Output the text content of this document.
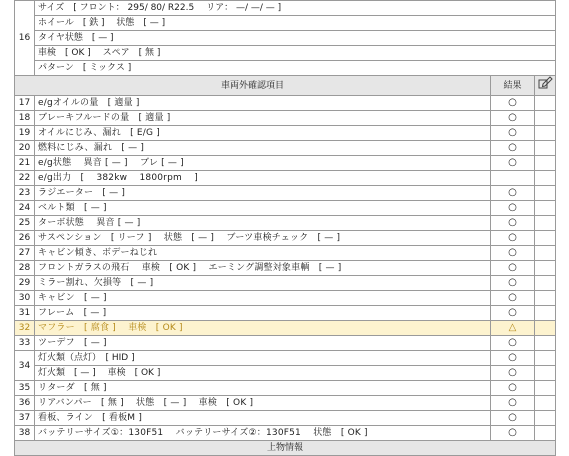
16	サイズ　[ フロント： 295/ 80/ R22.5　 リア： —/ —/ — ]		
	ホイール　[ 鉄 ]　 状態　[ — ]		
	タイヤ状態　[ — ]		
	車検　[ OK ]　 スペア　[ 無 ]		
	パターン　[ ミックス ]		
車両外確認項目		結果	
17	e/gオイルの量　[ 適量 ]	○	
18	ブレーキフルードの量　[ 適量 ]	○	
19	オイルにじみ、漏れ　[ E/G ]	○	
20	燃料にじみ、漏れ　[ — ]	○	
21	e/g状態　 異音 [ — ]　 ブレ [ — ]	○	
22	e/g出力　[　 382kw　 1800rpm　 ]		
23	ラジエーター　[ — ]	○	
24	ベルト類　[ — ]	○	
25	ターボ状態　 異音 [ — ]	○	
26	サスペンション　[ リーフ ]　 状態　[ — ]　 ブーツ車検チェック　[ — ]	○	
27	キャビン傾き、ボデーねじれ	○	
28	フロントガラスの飛石　 車検　[ OK ]　 エーミング調整対象車輌　[ — ]	○	
29	ミラー割れ、欠損等　[ — ]	○	
30	キャビン　[ — ]	○	
31	フレーム　[ — ]	○	
32	マフラー　[ 腐食 ]　 車検　[ OK ]	△	
33	ツーデフ　[ — ]	○	
34	灯火類（点灯）　[ HID ]	○	
	灯火類　[ — ]　 車検　[ OK ]	○	
35	リターダ　[ 無 ]	○	
36	リアバンパー　[ 無 ]　 状態　[ — ]　 車検　[ OK ]	○	
37	看板、ライン　[ 看板M ]	○	
38	バッテリーサイズ①：130F51　 バッテリーサイズ②：130F51　 状態　[ OK ]	○	
上物情報			
